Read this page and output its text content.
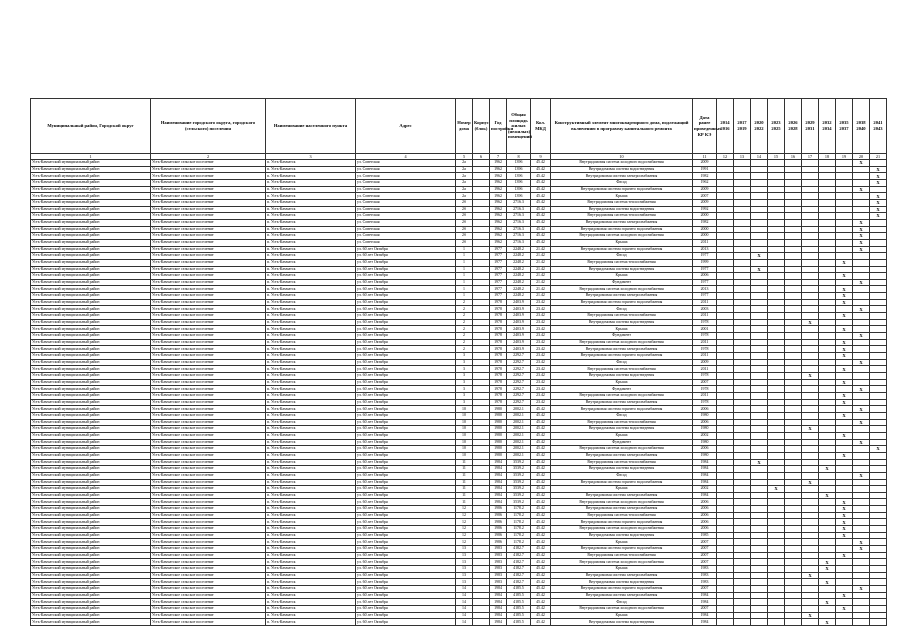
Муниципальный район, Городской округ	Наименование городского округа, городского (сельского) поселения	Наименование населенного пункта	Адрес	Номер дома	Корпус (блок)	Год постройки	Общая площадь жилых (нежилых) помещений	Кол. МКД	Конструктивный элемент многоквартирного дома, подлежащий включению в программу капитального ремонта	Дата ранее проведенных КР КЭ	2014 2016	2017 2019	2020 2022	2023 2025	2026 2028	2029 2031	2032 2034	2035 2037	2038 2040	2041 2043
1	2	3	4	5	6	7	8	9	10	11	12	13	14	15	16	17	18	19	20	21
Усть-Камчатский муниципальный район	Усть-Камчатское сельское поселение	п. Усть-Камчатск	ул. Советская	2а		1962	1396	45.42	Внутридомовая система холодного водоснабжения	2009									X	
Усть-Камчатский муниципальный район	Усть-Камчатское сельское поселение	п. Усть-Камчатск	ул. Советская	2а		1962	1396	45.42	Внутридомовая система водоотведения	1991										X
Усть-Камчатский муниципальный район	Усть-Камчатское сельское поселение	п. Усть-Камчатск	ул. Советская	2а		1962	1396	45.42	Внутридомовая система электроснабжения	1982										X
Усть-Камчатский муниципальный район	Усть-Камчатское сельское поселение	п. Усть-Камчатск	ул. Советская	2а		1962	1396	45.42	Фасад	1962										X
Усть-Камчатский муниципальный район	Усть-Камчатское сельское поселение	п. Усть-Камчатск	ул. Советская	2а		1962	1396	45.42	Внутридомовая система горячего водоснабжения	2009									X	
Усть-Камчатский муниципальный район	Усть-Камчатское сельское поселение	п. Усть-Камчатск	ул. Советская	2а		1962	1396	45.42	Крыша	2007										X
Усть-Камчатский муниципальный район	Усть-Камчатское сельское поселение	п. Усть-Камчатск	ул. Советская	2б		1962	2716.3	45.42	Внутридомовая система теплоснабжения	2009										X
Усть-Камчатский муниципальный район	Усть-Камчатское сельское поселение	п. Усть-Камчатск	ул. Советская	2б		1962	2716.3	45.42	Внутридомовая система водоотведения	1992										X
Усть-Камчатский муниципальный район	Усть-Камчатское сельское поселение	п. Усть-Камчатск	ул. Советская	2б		1962	2716.3	45.42	Внутридомовая система теплоснабжения	2000										X
Усть-Камчатский муниципальный район	Усть-Камчатское сельское поселение	п. Усть-Камчатск	ул. Советская	2б		1962	2716.3	45.42	Внутридомовая система электроснабжения	1982									X	
Усть-Камчатский муниципальный район	Усть-Камчатское сельское поселение	п. Усть-Камчатск	ул. Советская	2б		1962	2716.3	45.42	Внутридомовая система горячего водоснабжения	2000									X	
Усть-Камчатский муниципальный район	Усть-Камчатское сельское поселение	п. Усть-Камчатск	ул. Советская	2б		1962	2716.3	45.42	Внутридомовая система холодного водоснабжения	2000									X	
Усть-Камчатский муниципальный район	Усть-Камчатское сельское поселение	п. Усть-Камчатск	ул. Советская	2б		1962	2716.3	45.42	Крыша	2011									X	
Усть-Камчатский муниципальный район	Усть-Камчатское сельское поселение	п. Усть-Камчатск	ул. 60 лет Октября	1		1977	2248.2	21.42	Внутридомовая система горячего водоснабжения	2013									X	
Усть-Камчатский муниципальный район	Усть-Камчатское сельское поселение	п. Усть-Камчатск	ул. 60 лет Октября	1		1977	2248.2	21.42	Фасад	1977			X							
Усть-Камчатский муниципальный район	Усть-Камчатское сельское поселение	п. Усть-Камчатск	ул. 60 лет Октября	1		1977	2248.2	21.42	Внутридомовая система теплоснабжения	1999								X		
Усть-Камчатский муниципальный район	Усть-Камчатское сельское поселение	п. Усть-Камчатск	ул. 60 лет Октября	1		1977	2248.2	21.42	Внутридомовая система водоотведения	1977			X							
Усть-Камчатский муниципальный район	Усть-Камчатское сельское поселение	п. Усть-Камчатск	ул. 60 лет Октября	1		1977	2248.2	21.42	Крыша	2006								X		
Усть-Камчатский муниципальный район	Усть-Камчатское сельское поселение	п. Усть-Камчатск	ул. 60 лет Октября	1		1977	2248.2	21.42	Фундамент	1977									X	
Усть-Камчатский муниципальный район	Усть-Камчатское сельское поселение	п. Усть-Камчатск	ул. 60 лет Октября	1		1977	2248.2	21.42	Внутридомовая система холодного водоснабжения	2013								X		
Усть-Камчатский муниципальный район	Усть-Камчатское сельское поселение	п. Усть-Камчатск	ул. 60 лет Октября	1		1977	2248.2	21.42	Внутридомовая система электроснабжения	1977								X		
Усть-Камчатский муниципальный район	Усть-Камчатское сельское поселение	п. Усть-Камчатск	ул. 60 лет Октября	2		1978	2403.9	23.42	Внутридомовая система горячего водоснабжения	2011								X		
Усть-Камчатский муниципальный район	Усть-Камчатское сельское поселение	п. Усть-Камчатск	ул. 60 лет Октября	2		1978	2403.9	23.42	Фасад	2003									X	
Усть-Камчатский муниципальный район	Усть-Камчатское сельское поселение	п. Усть-Камчатск	ул. 60 лет Октября	2		1978	2403.9	23.42	Внутридомовая система теплоснабжения	2011								X		
Усть-Камчатский муниципальный район	Усть-Камчатское сельское поселение	п. Усть-Камчатск	ул. 60 лет Октября	2		1978	2403.9	23.42	Внутридомовая система водоотведения	1978						X				
Усть-Камчатский муниципальный район	Усть-Камчатское сельское поселение	п. Усть-Камчатск	ул. 60 лет Октября	2		1978	2403.9	23.42	Крыша	2001								X		
Усть-Камчатский муниципальный район	Усть-Камчатское сельское поселение	п. Усть-Камчатск	ул. 60 лет Октября	2		1978	2403.9	23.42	Фундамент	1978									X	
Усть-Камчатский муниципальный район	Усть-Камчатское сельское поселение	п. Усть-Камчатск	ул. 60 лет Октября	2		1978	2403.9	23.42	Внутридомовая система холодного водоснабжения	2011								X		
Усть-Камчатский муниципальный район	Усть-Камчатское сельское поселение	п. Усть-Камчатск	ул. 60 лет Октября	2		1978	2403.9	23.42	Внутридомовая система электроснабжения	1978								X		
Усть-Камчатский муниципальный район	Усть-Камчатское сельское поселение	п. Усть-Камчатск	ул. 60 лет Октября	3		1978	2292.7	23.42	Внутридомовая система горячего водоснабжения	2011								X		
Усть-Камчатский муниципальный район	Усть-Камчатское сельское поселение	п. Усть-Камчатск	ул. 60 лет Октября	3		1978	2292.7	23.42	Фасад	2009									X	
Усть-Камчатский муниципальный район	Усть-Камчатское сельское поселение	п. Усть-Камчатск	ул. 60 лет Октября	3		1978	2292.7	23.42	Внутридомовая система теплоснабжения	2011								X		
Усть-Камчатский муниципальный район	Усть-Камчатское сельское поселение	п. Усть-Камчатск	ул. 60 лет Октября	3		1978	2292.7	23.42	Внутридомовая система водоотведения	1978						X				
Усть-Камчатский муниципальный район	Усть-Камчатское сельское поселение	п. Усть-Камчатск	ул. 60 лет Октября	3		1978	2292.7	23.42	Крыша	2007								X		
Усть-Камчатский муниципальный район	Усть-Камчатское сельское поселение	п. Усть-Камчатск	ул. 60 лет Октября	3		1978	2292.7	23.42	Фундамент	1978									X	
Усть-Камчатский муниципальный район	Усть-Камчатское сельское поселение	п. Усть-Камчатск	ул. 60 лет Октября	3		1978	2292.7	23.42	Внутридомовая система холодного водоснабжения	2011								X		
Усть-Камчатский муниципальный район	Усть-Камчатское сельское поселение	п. Усть-Камчатск	ул. 60 лет Октября	3		1978	2292.7	23.42	Внутридомовая система электроснабжения	1978								X		
Усть-Камчатский муниципальный район	Усть-Камчатское сельское поселение	п. Усть-Камчатск	ул. 60 лет Октября	10		1980	2002.1	45.42	Внутридомовая система горячего водоснабжения	2006									X	
Усть-Камчатский муниципальный район	Усть-Камчатское сельское поселение	п. Усть-Камчатск	ул. 60 лет Октября	10		1980	2002.1	45.42	Фасад	1980								X		
Усть-Камчатский муниципальный район	Усть-Камчатское сельское поселение	п. Усть-Камчатск	ул. 60 лет Октября	10		1980	2002.1	45.42	Внутридомовая система теплоснабжения	2006									X	
Усть-Камчатский муниципальный район	Усть-Камчатское сельское поселение	п. Усть-Камчатск	ул. 60 лет Октября	10		1980	2002.1	45.42	Внутридомовая система водоотведения	1980						X				
Усть-Камчатский муниципальный район	Усть-Камчатское сельское поселение	п. Усть-Камчатск	ул. 60 лет Октября	10		1980	2002.1	45.42	Крыша	2002								X		
Усть-Камчатский муниципальный район	Усть-Камчатское сельское поселение	п. Усть-Камчатск	ул. 60 лет Октября	10		1980	2002.1	45.42	Фундамент	1980									X	
Усть-Камчатский муниципальный район	Усть-Камчатское сельское поселение	п. Усть-Камчатск	ул. 60 лет Октября	10		1980	2002.1	45.42	Внутридомовая система холодного водоснабжения	2006										X
Усть-Камчатский муниципальный район	Усть-Камчатское сельское поселение	п. Усть-Камчатск	ул. 60 лет Октября	10		1980	2002.1	45.42	Внутридомовая система электроснабжения	1980								X		
Усть-Камчатский муниципальный район	Усть-Камчатское сельское поселение	п. Усть-Камчатск	ул. 60 лет Октября	11		1984	3539.2	45.42	Внутридомовая система теплоснабжения	1984			X							
Усть-Камчатский муниципальный район	Усть-Камчатское сельское поселение	п. Усть-Камчатск	ул. 60 лет Октября	11		1984	3539.2	45.42	Внутридомовая система водоотведения	1984							X			
Усть-Камчатский муниципальный район	Усть-Камчатское сельское поселение	п. Усть-Камчатск	ул. 60 лет Октября	11		1984	3539.2	45.42	Фасад	1984									X	
Усть-Камчатский муниципальный район	Усть-Камчатское сельское поселение	п. Усть-Камчатск	ул. 60 лет Октября	11		1984	3539.2	45.42	Внутридомовая система горячего водоснабжения	1984						X				
Усть-Камчатский муниципальный район	Усть-Камчатское сельское поселение	п. Усть-Камчатск	ул. 60 лет Октября	11		1984	3539.2	45.42	Крыша	2002				X						
Усть-Камчатский муниципальный район	Усть-Камчатское сельское поселение	п. Усть-Камчатск	ул. 60 лет Октября	11		1984	3539.2	45.42	Внутридомовая система электроснабжения	1984							X			
Усть-Камчатский муниципальный район	Усть-Камчатское сельское поселение	п. Усть-Камчатск	ул. 60 лет Октября	11		1984	3539.2	45.42	Внутридомовая система холодного водоснабжения	2006								X		
Усть-Камчатский муниципальный район	Усть-Камчатское сельское поселение	п. Усть-Камчатск	ул. 60 лет Октября	12		1986	1178.2	45.42	Внутридомовая система электроснабжения	2006								X		
Усть-Камчатский муниципальный район	Усть-Камчатское сельское поселение	п. Усть-Камчатск	ул. 60 лет Октября	12		1986	1178.2	45.42	Внутридомовая система теплоснабжения	2006								X		
Усть-Камчатский муниципальный район	Усть-Камчатское сельское поселение	п. Усть-Камчатск	ул. 60 лет Октября	12		1986	1178.2	45.42	Внутридомовая система горячего водоснабжения	2006								X		
Усть-Камчатский муниципальный район	Усть-Камчатское сельское поселение	п. Усть-Камчатск	ул. 60 лет Октября	12		1986	1178.2	45.42	Внутридомовая система холодного водоснабжения	2006								X		
Усть-Камчатский муниципальный район	Усть-Камчатское сельское поселение	п. Усть-Камчатск	ул. 60 лет Октября	12		1986	1178.2	45.42	Внутридомовая система водоотведения	1985								X		
Усть-Камчатский муниципальный район	Усть-Камчатское сельское поселение	п. Усть-Камчатск	ул. 60 лет Октября	12		1986	1178.2	45.42	Крыша	2007									X	
Усть-Камчатский муниципальный район	Усть-Камчатское сельское поселение	п. Усть-Камчатск	ул. 60 лет Октября	13		1983	4182.7	45.42	Внутридомовая система горячего водоснабжения	2007									X	
Усть-Камчатский муниципальный район	Усть-Камчатское сельское поселение	п. Усть-Камчатск	ул. 60 лет Октября	13		1983	4182.7	45.42	Внутридомовая система теплоснабжения	2007								X		
Усть-Камчатский муниципальный район	Усть-Камчатское сельское поселение	п. Усть-Камчатск	ул. 60 лет Октября	13		1983	4182.7	45.42	Внутридомовая система холодного водоснабжения	2007							X			
Усть-Камчатский муниципальный район	Усть-Камчатское сельское поселение	п. Усть-Камчатск	ул. 60 лет Октября	13		1983	4182.7	45.42	Крыша	1983							X			
Усть-Камчатский муниципальный район	Усть-Камчатское сельское поселение	п. Усть-Камчатск	ул. 60 лет Октября	13		1983	4182.7	45.42	Внутридомовая система электроснабжения	1983						X				
Усть-Камчатский муниципальный район	Усть-Камчатское сельское поселение	п. Усть-Камчатск	ул. 60 лет Октября	13		1983	4182.7	45.42	Внутридомовая система водоотведения	1983							X			
Усть-Камчатский муниципальный район	Усть-Камчатское сельское поселение	п. Усть-Камчатск	ул. 60 лет Октября	14		1984	4185.5	45.42	Внутридомовая система горячего водоснабжения	2007									X	
Усть-Камчатский муниципальный район	Усть-Камчатское сельское поселение	п. Усть-Камчатск	ул. 60 лет Октября	14		1984	4185.5	45.42	Внутридомовая система электроснабжения	1984								X		
Усть-Камчатский муниципальный район	Усть-Камчатское сельское поселение	п. Усть-Камчатск	ул. 60 лет Октября	14		1984	4185.5	45.42	Фасад	1984							X			
Усть-Камчатский муниципальный район	Усть-Камчатское сельское поселение	п. Усть-Камчатск	ул. 60 лет Октября	14		1984	4185.5	45.42	Внутридомовая система холодного водоснабжения	2007								X		
Усть-Камчатский муниципальный район	Усть-Камчатское сельское поселение	п. Усть-Камчатск	ул. 60 лет Октября	14		1984	4185.5	45.42	Крыша	1984						X				
Усть-Камчатский муниципальный район	Усть-Камчатское сельское поселение	п. Усть-Камчатск	ул. 60 лет Октября	14		1984	4185.5	45.42	Внутридомовая система водоотведения	1984							X			
